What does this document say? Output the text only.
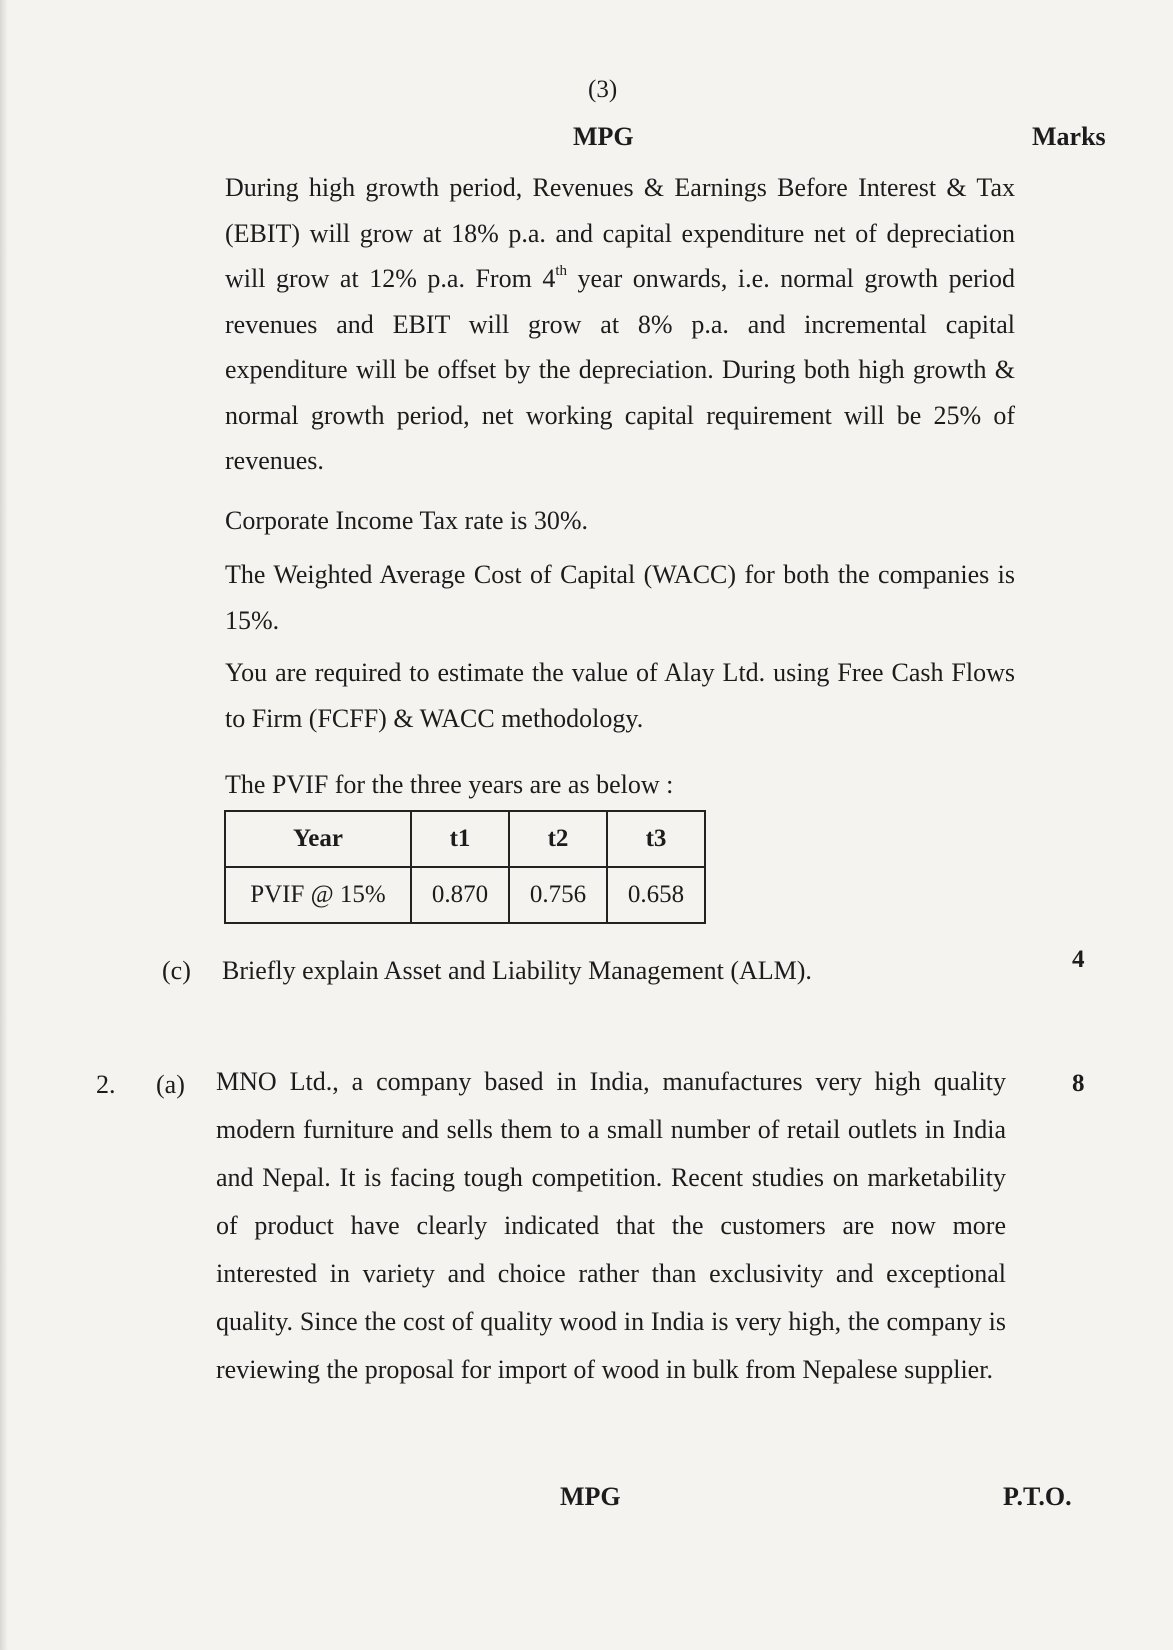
(3)
MPG	Marks
During high growth period, Revenues & Earnings Before Interest & Tax (EBIT) will grow at 18% p.a. and capital expenditure net of depreciation will grow at 12% p.a. From 4th year onwards, i.e. normal growth period revenues and EBIT will grow at 8% p.a. and incremental capital expenditure will be offset by the depreciation. During both high growth & normal growth period, net working capital requirement will be 25% of revenues.
Corporate Income Tax rate is 30%.
The Weighted Average Cost of Capital (WACC) for both the companies is 15%.
You are required to estimate the value of Alay Ltd. using Free Cash Flows to Firm (FCFF) & WACC methodology.
The PVIF for the three years are as below :
Year	t1	t2	t3
PVIF @ 15%	0.870	0.756	0.658
(c) Briefly explain Asset and Liability Management (ALM).	4
2. (a) MNO Ltd., a company based in India, manufactures very high quality modern furniture and sells them to a small number of retail outlets in India and Nepal. It is facing tough competition. Recent studies on marketability of product have clearly indicated that the customers are now more interested in variety and choice rather than exclusivity and exceptional quality. Since the cost of quality wood in India is very high, the company is reviewing the proposal for import of wood in bulk from Nepalese supplier.
8
MPG	P.T.O.
